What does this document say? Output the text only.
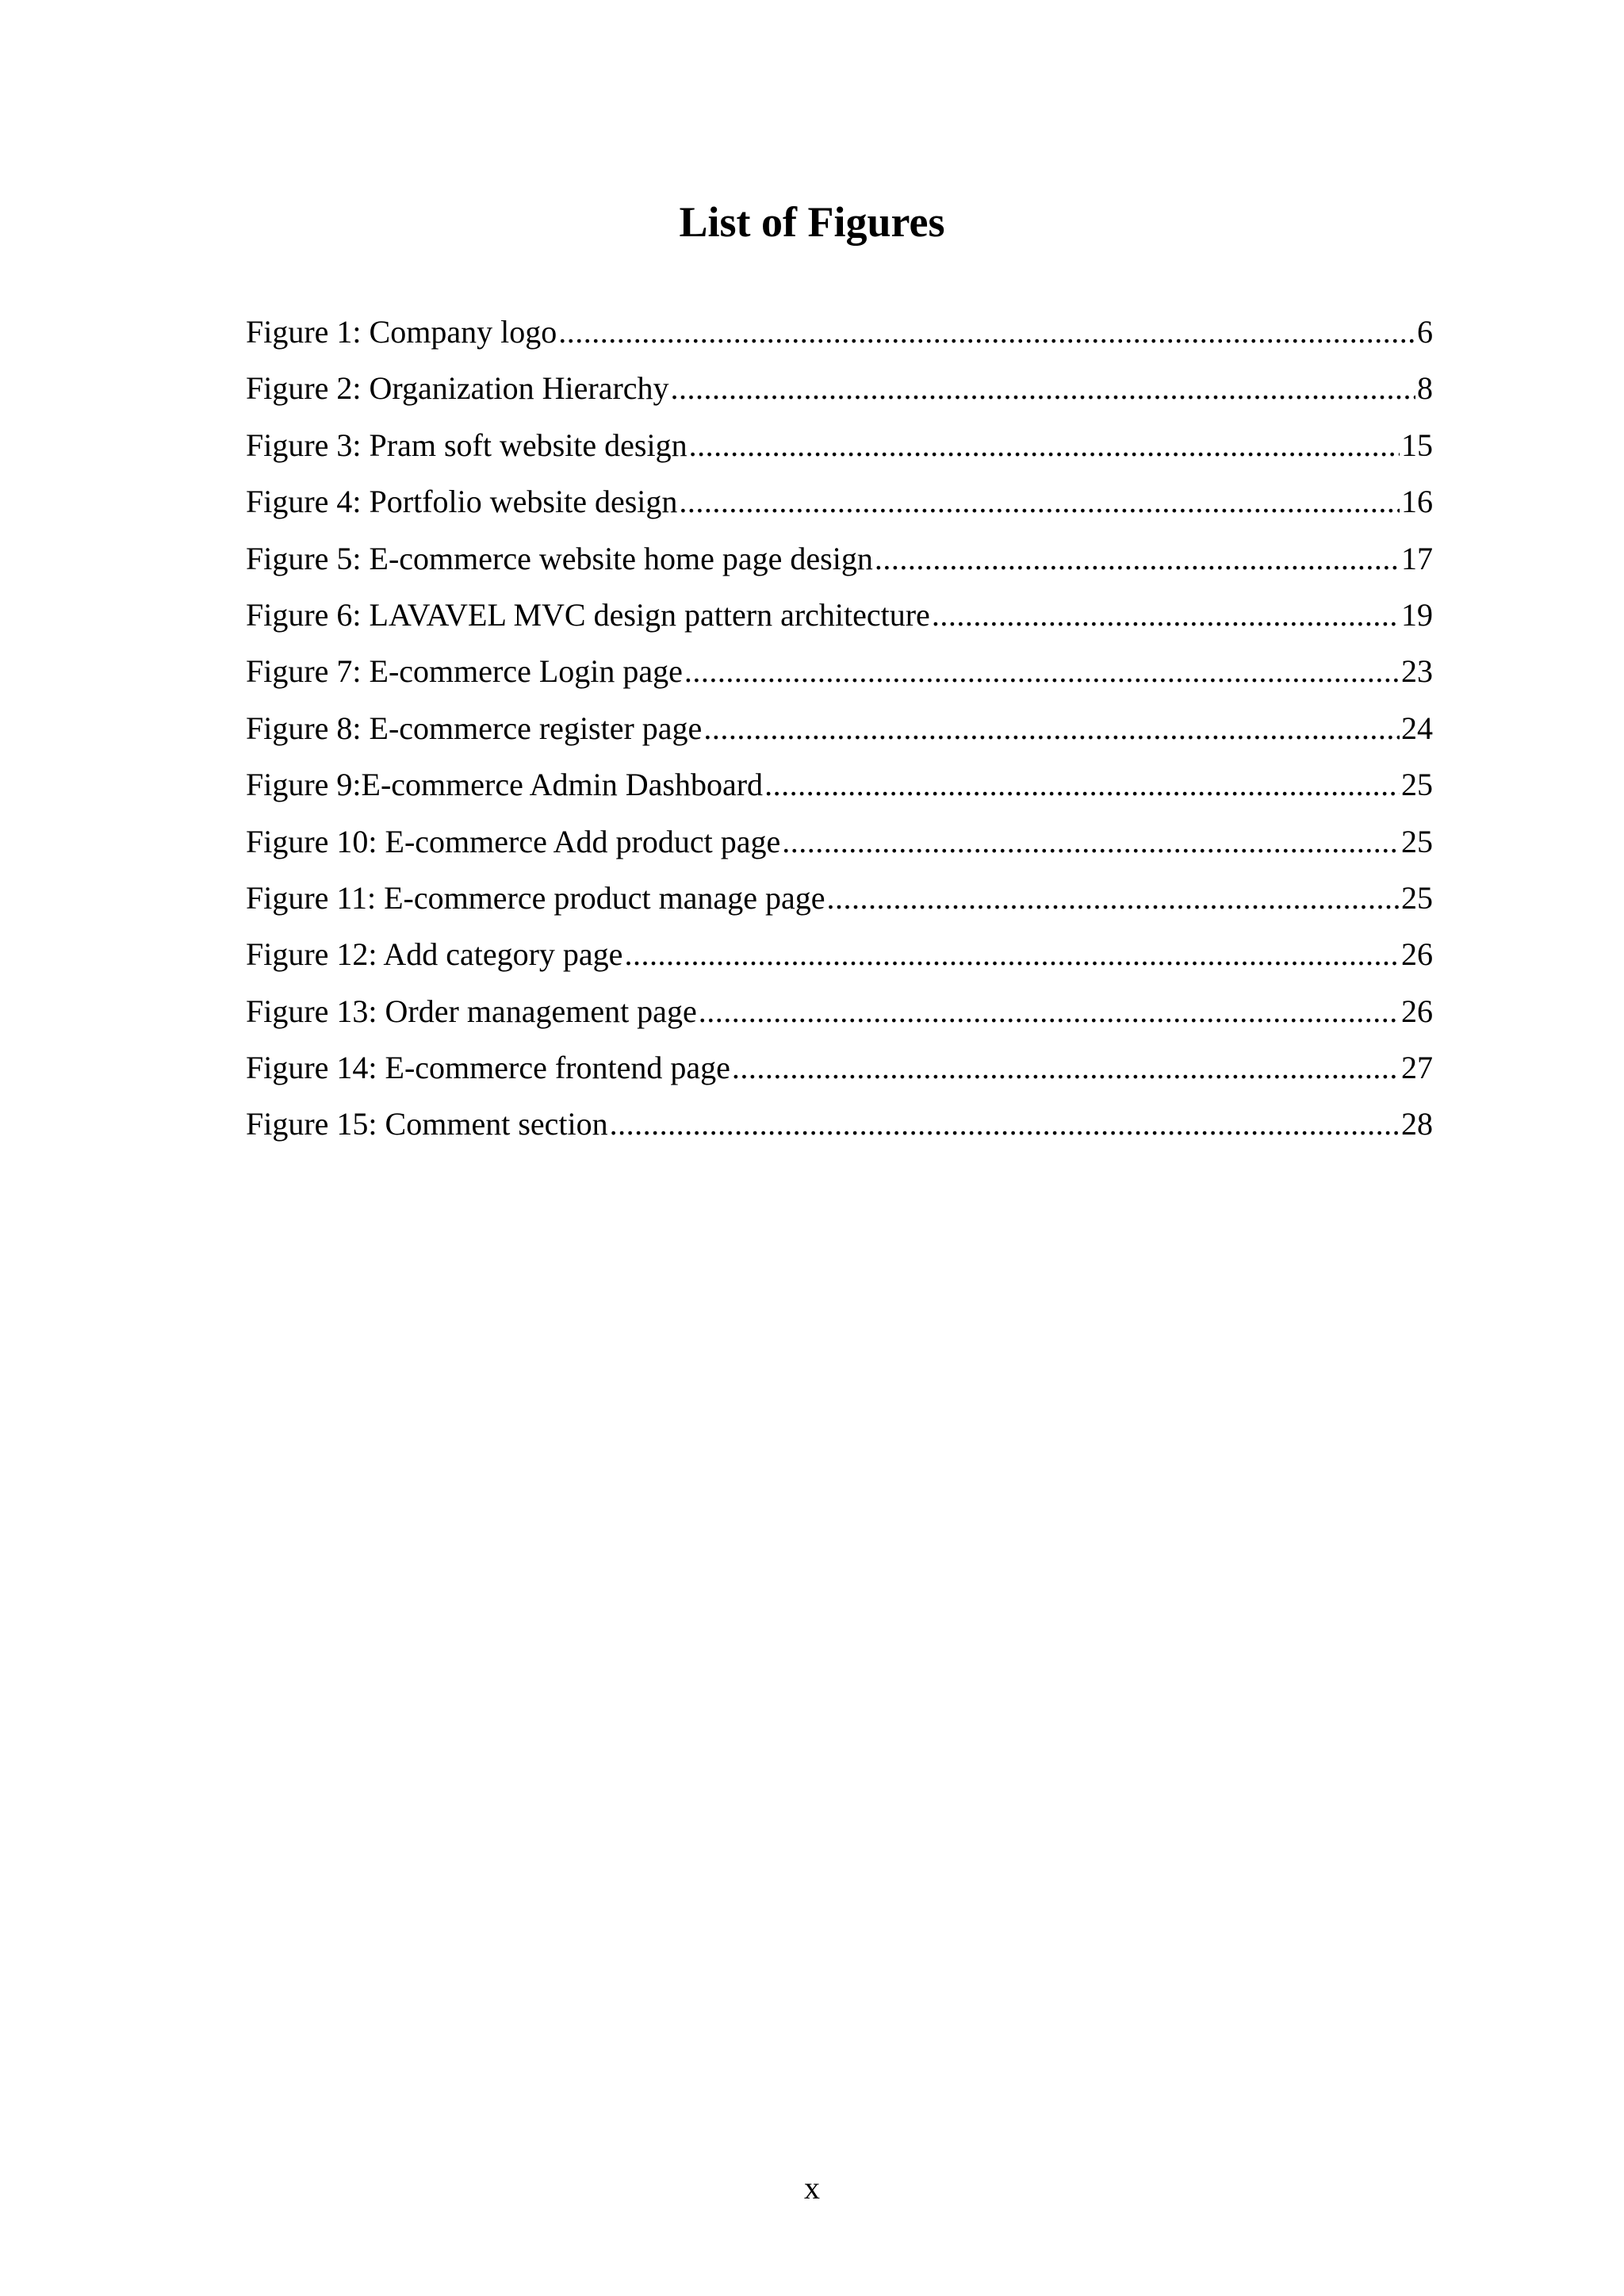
List of Figures
Figure 1: Company logo .....	6
Figure 2: Organization Hierarchy .....	8
Figure 3: Pram soft website design .....	15
Figure 4: Portfolio website design .....	16
Figure 5: E-commerce website home page design .....	17
Figure 6: LAVAVEL MVC design pattern architecture .....	19
Figure 7: E-commerce Login page .....	23
Figure 8: E-commerce register page .....	24
Figure 9:E-commerce Admin Dashboard .....	25
Figure 10: E-commerce Add product page .....	25
Figure 11: E-commerce product manage page .....	25
Figure 12: Add category page .....	26
Figure 13: Order management page .....	26
Figure 14: E-commerce frontend page .....	27
Figure 15: Comment section .....	28
x
